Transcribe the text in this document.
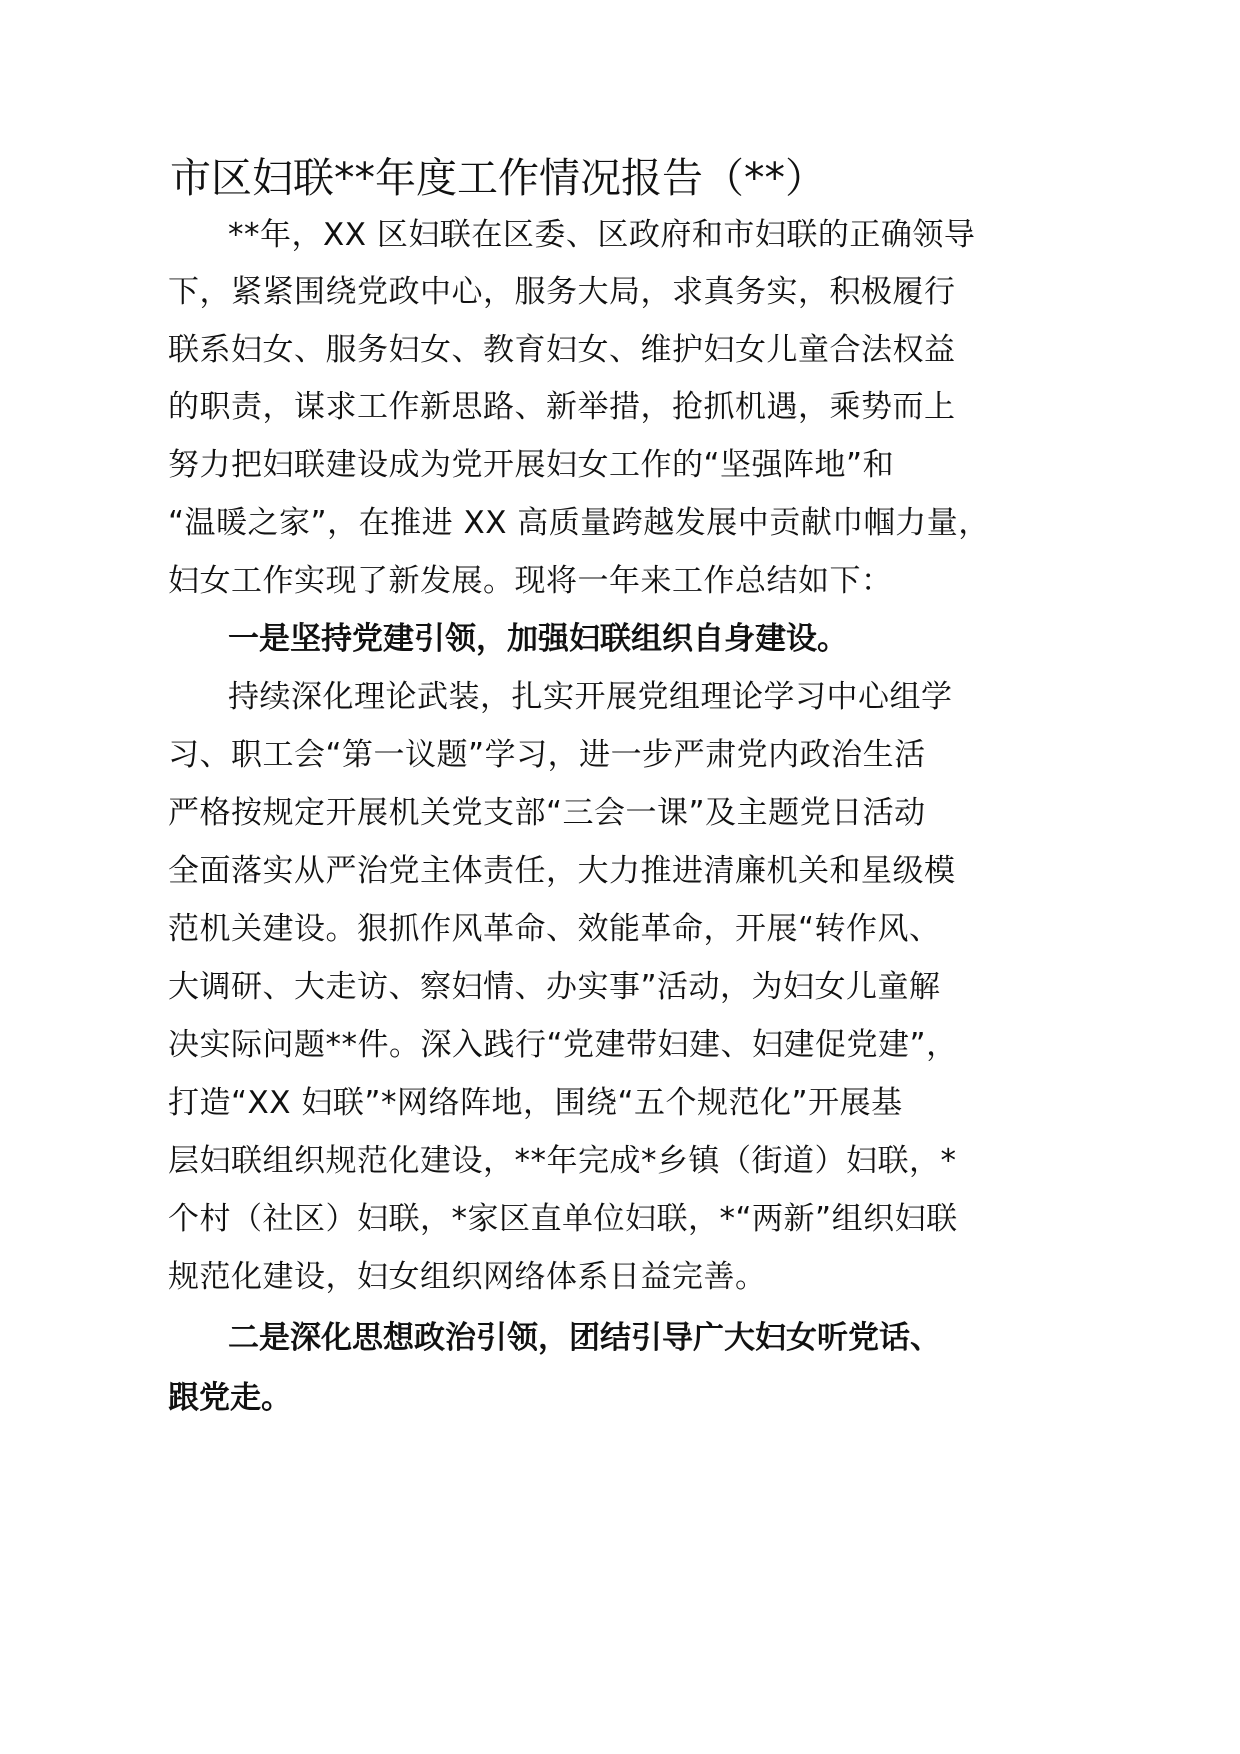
市区妇联**年度工作情况报告（**）
**年，XX 区妇联在区委、区政府和市妇联的正确领导
下，紧紧围绕党政中心，服务大局，求真务实，积极履行
联系妇女、服务妇女、教育妇女、维护妇女儿童合法权益
的职责，谋求工作新思路、新举措，抢抓机遇，乘势而上
努力把妇联建设成为党开展妇女工作的“坚强阵地”和
“温暖之家”，在推进 XX 高质量跨越发展中贡献巾帼力量，
妇女工作实现了新发展。现将一年来工作总结如下：
一是坚持党建引领，加强妇联组织自身建设。
持续深化理论武装，扎实开展党组理论学习中心组学
习、职工会“第一议题”学习，进一步严肃党内政治生活
严格按规定开展机关党支部“三会一课”及主题党日活动
全面落实从严治党主体责任，大力推进清廉机关和星级模
范机关建设。狠抓作风革命、效能革命，开展“转作风、
大调研、大走访、察妇情、办实事”活动，为妇女儿童解
决实际问题**件。深入践行“党建带妇建、妇建促党建”，
打造“XX 妇联”*网络阵地，围绕“五个规范化”开展基
层妇联组织规范化建设，**年完成*乡镇（街道）妇联，*
个村（社区）妇联，*家区直单位妇联，*“两新”组织妇联
规范化建设，妇女组织网络体系日益完善。
二是深化思想政治引领，团结引导广大妇女听党话、
跟党走。
